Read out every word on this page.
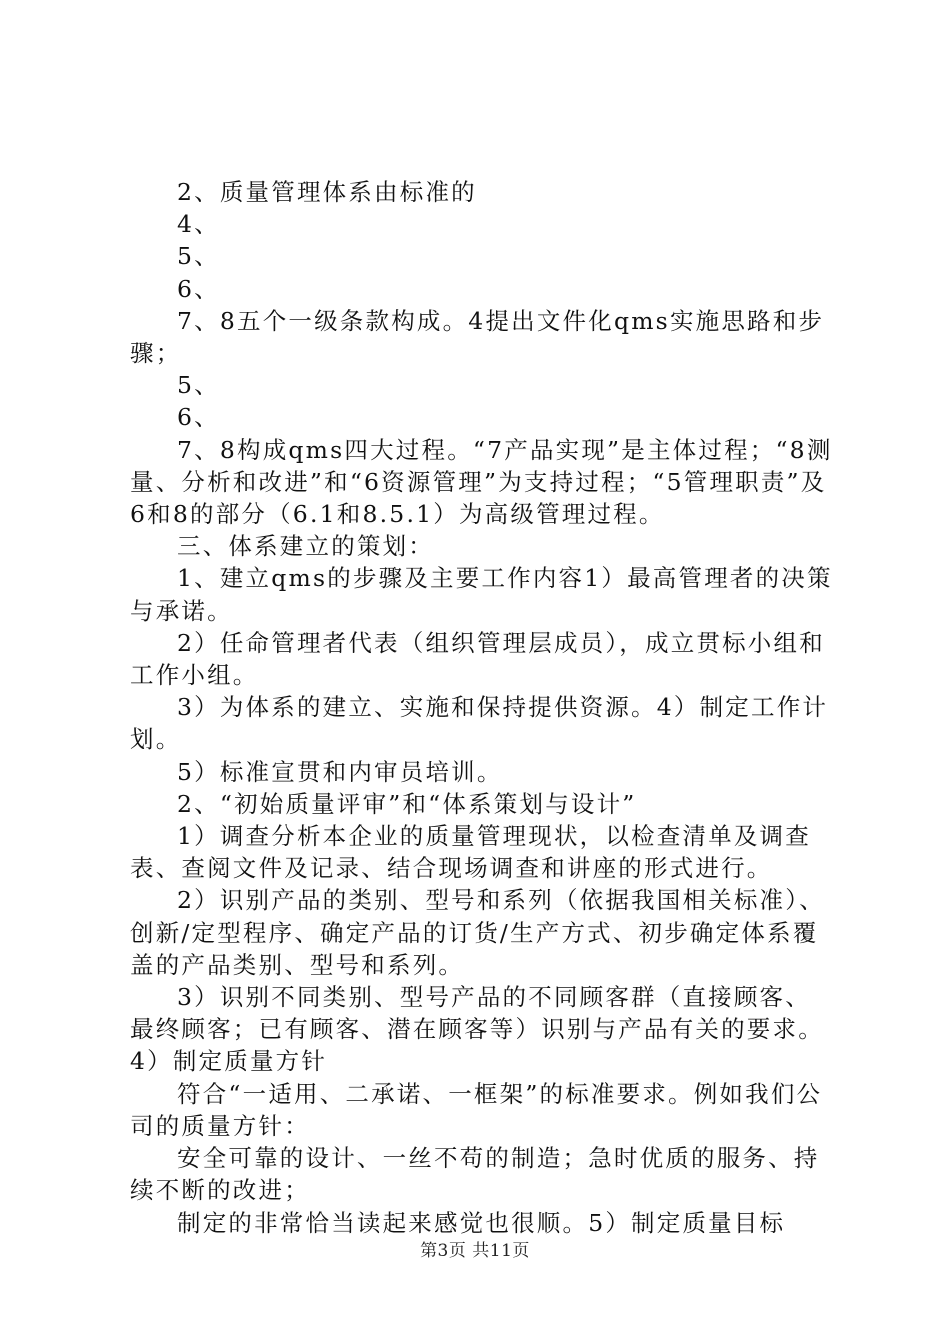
2、质量管理体系由标准的

4、

5、

6、

7、8五个一级条款构成。4提出文件化qms实施思路和步骤；

5、

6、

7、8构成qms四大过程。“7产品实现”是主体过程；“8测量、分析和改进”和“6资源管理”为支持过程；“5管理职责”及6和8的部分（6.1和8.5.1）为高级管理过程。

三、体系建立的策划：

1、建立qms的步骤及主要工作内容1）最高管理者的决策与承诺。

2）任命管理者代表（组织管理层成员），成立贯标小组和工作小组。

3）为体系的建立、实施和保持提供资源。4）制定工作计划。

5）标准宣贯和内审员培训。

2、“初始质量评审”和“体系策划与设计”

1）调查分析本企业的质量管理现状，以检查清单及调查表、查阅文件及记录、结合现场调查和讲座的形式进行。

2）识别产品的类别、型号和系列（依据我国相关标准）、创新/定型程序、确定产品的订货/生产方式、初步确定体系覆盖的产品类别、型号和系列。

3）识别不同类别、型号产品的不同顾客群（直接顾客、最终顾客；已有顾客、潜在顾客等）识别与产品有关的要求。4）制定质量方针

符合“一适用、二承诺、一框架”的标准要求。例如我们公司的质量方针：

安全可靠的设计、一丝不苟的制造；急时优质的服务、持续不断的改进；

制定的非常恰当读起来感觉也很顺。5）制定质量目标

第3页 共11页
